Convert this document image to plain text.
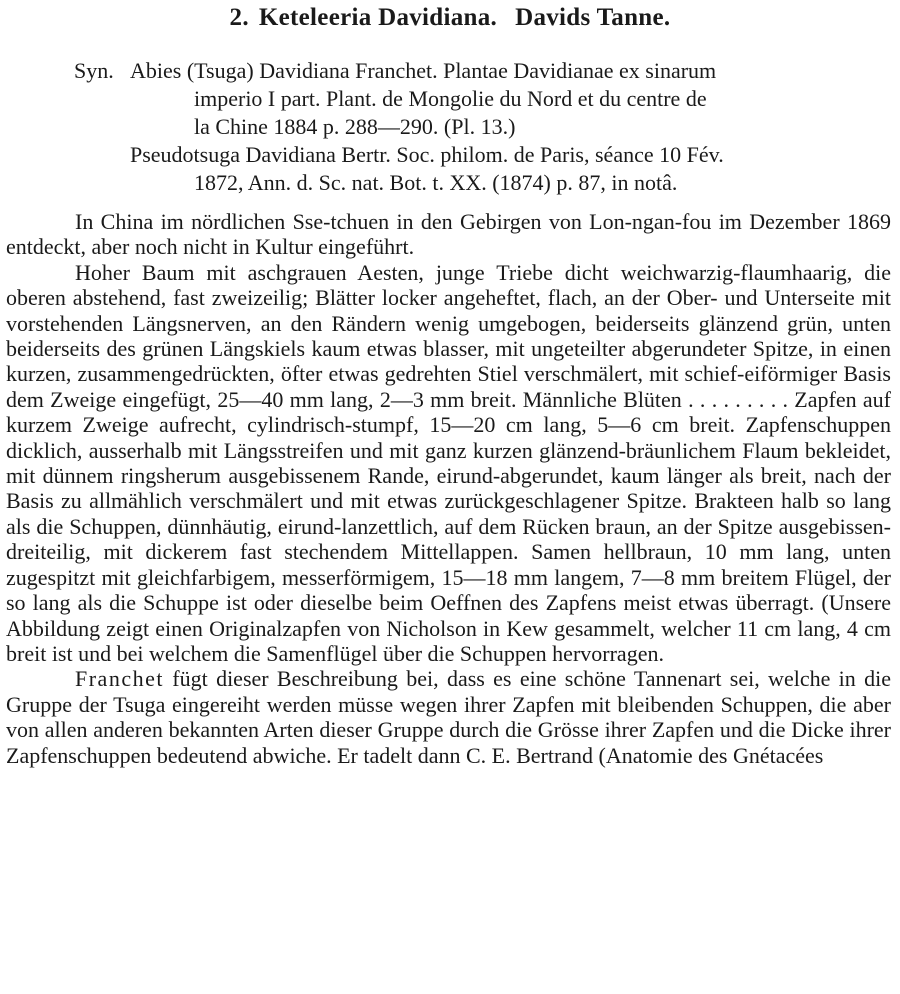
2. Keteleeria Davidiana. Davids Tanne.
Syn. Abies (Tsuga) Davidiana Franchet. Plantae Davidianae ex sinarum
imperio I part. Plant. de Mongolie du Nord et du centre de
la Chine 1884 p. 288—290. (Pl. 13.)
Pseudotsuga Davidiana Bertr. Soc. philom. de Paris, séance 10 Fév.
1872, Ann. d. Sc. nat. Bot. t. XX. (1874) p. 87, in notâ.

In China im nördlichen Sse-tchuen in den Gebirgen von Lon-ngan-fou im Dezember 1869 entdeckt, aber noch nicht in Kultur eingeführt.

Hoher Baum mit aschgrauen Aesten, junge Triebe dicht weichwarzig-flaumhaarig, die oberen abstehend, fast zweizeilig; Blätter locker angeheftet, flach, an der Ober- und Unterseite mit vorstehenden Längsnerven, an den Rändern wenig umgebogen, beiderseits glänzend grün, unten beiderseits des grünen Längskiels kaum etwas blasser, mit ungeteilter abgerundeter Spitze, in einen kurzen, zusammengedrückten, öfter etwas gedrehten Stiel verschmälert, mit schief-eiförmiger Basis dem Zweige eingefügt, 25—40 mm lang, 2—3 mm breit. Männliche Blüten . . . . . . . . . Zapfen auf kurzem Zweige aufrecht, cylindrisch-stumpf, 15—20 cm lang, 5—6 cm breit. Zapfenschuppen dicklich, ausserhalb mit Längsstreifen und mit ganz kurzen glänzend-bräunlichem Flaum bekleidet, mit dünnem ringsherum ausgebissenem Rande, eirund-abgerundet, kaum länger als breit, nach der Basis zu allmählich verschmälert und mit etwas zurückgeschlagener Spitze. Brakteen halb so lang als die Schuppen, dünnhäutig, eirund-lanzettlich, auf dem Rücken braun, an der Spitze ausgebissen-dreiteilig, mit dickerem fast stechendem Mittellappen. Samen hellbraun, 10 mm lang, unten zugespitzt mit gleichfarbigem, messerförmigem, 15—18 mm langem, 7—8 mm breitem Flügel, der so lang als die Schuppe ist oder dieselbe beim Oeffnen des Zapfens meist etwas überragt. (Unsere Abbildung zeigt einen Originalzapfen von Nicholson in Kew gesammelt, welcher 11 cm lang, 4 cm breit ist und bei welchem die Samenflügel über die Schuppen hervorragen.

Franchet fügt dieser Beschreibung bei, dass es eine schöne Tannenart sei, welche in die Gruppe der Tsuga eingereiht werden müsse wegen ihrer Zapfen mit bleibenden Schuppen, die aber von allen anderen bekannten Arten dieser Gruppe durch die Grösse ihrer Zapfen und die Dicke ihrer Zapfenschuppen bedeutend abwiche. Er tadelt dann C. E. Bertrand (Anatomie des Gnétacées
